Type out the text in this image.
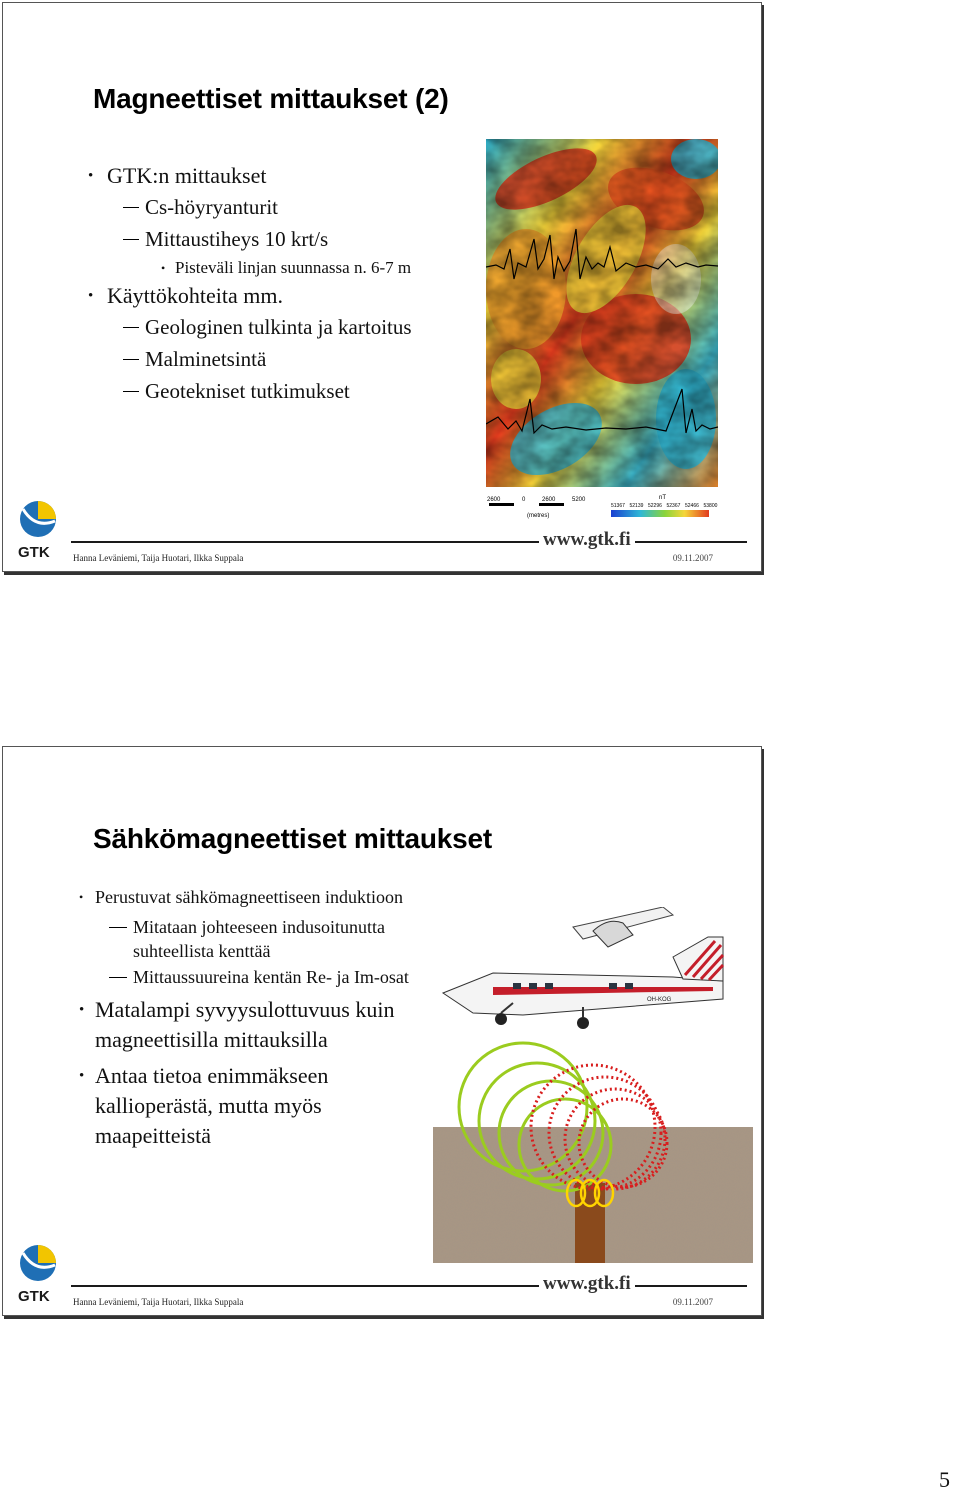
Magneettiset mittaukset (2)
• GTK:n mittaukset
Cs-höyryanturit
Mittaustiheys 10 krt/s
• Pisteväli linjan suunnassa n. 6-7 m
• Käyttökohteita mm.
Geologinen tulkinta ja kartoitus
Malminetsintä
Geotekniset tutkimukset
2600	0	2600	5200
(metres)
nT
51367 52139 52296 52367 52466 53800
GTK	Hanna Leväniemi, Taija Huotari, Ilkka Suppala
www.gtk.fi
09.11.2007
Sähkömagneettiset mittaukset
• Perustuvat sähkömagneettiseen induktioon
Mitataan johteeseen indusoitunutta suhteellista kenttää
Mittaussuureina kentän Re- ja Im-osat
• Matalampi syvyysulottuvuus kuin magneettisilla mittauksilla
• Antaa tietoa enimmäkseen kallioperästä, mutta myös maapeitteistä
OH-KOG
GTK	Hanna Leväniemi, Taija Huotari, Ilkka Suppala
www.gtk.fi
09.11.2007
5
